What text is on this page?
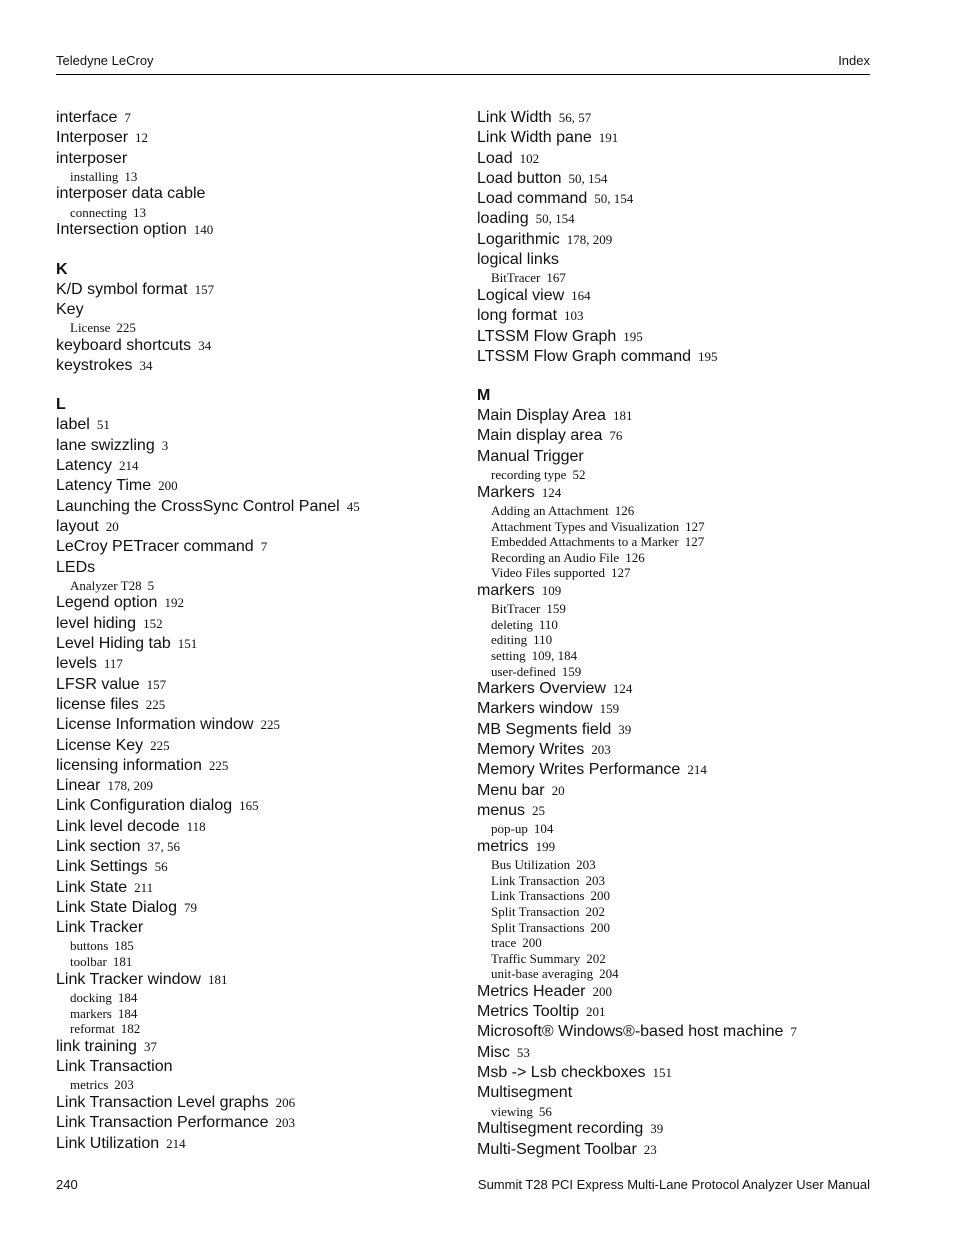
Teledyne LeCroy	Index
interface 7
Interposer 12
interposer
installing 13
interposer data cable
connecting 13
Intersection option 140
K
K/D symbol format 157
Key
License 225
keyboard shortcuts 34
keystrokes 34
L
label 51
lane swizzling 3
Latency 214
Latency Time 200
Launching the CrossSync Control Panel 45
layout 20
LeCroy PETracer command 7
LEDs
Analyzer T28 5
Legend option 192
level hiding 152
Level Hiding tab 151
levels 117
LFSR value 157
license files 225
License Information window 225
License Key 225
licensing information 225
Linear 178, 209
Link Configuration dialog 165
Link level decode 118
Link section 37, 56
Link Settings 56
Link State 211
Link State Dialog 79
Link Tracker
buttons 185
toolbar 181
Link Tracker window 181
docking 184
markers 184
reformat 182
link training 37
Link Transaction
metrics 203
Link Transaction Level graphs 206
Link Transaction Performance 203
Link Utilization 214
Link Width 56, 57
Link Width pane 191
Load 102
Load button 50, 154
Load command 50, 154
loading 50, 154
Logarithmic 178, 209
logical links
BitTracer 167
Logical view 164
long format 103
LTSSM Flow Graph 195
LTSSM Flow Graph command 195
M
Main Display Area 181
Main display area 76
Manual Trigger
recording type 52
Markers 124
Adding an Attachment 126
Attachment Types and Visualization 127
Embedded Attachments to a Marker 127
Recording an Audio File 126
Video Files supported 127
markers 109
BitTracer 159
deleting 110
editing 110
setting 109, 184
user-defined 159
Markers Overview 124
Markers window 159
MB Segments field 39
Memory Writes 203
Memory Writes Performance 214
Menu bar 20
menus 25
pop-up 104
metrics 199
Bus Utilization 203
Link Transaction 203
Link Transactions 200
Split Transaction 202
Split Transactions 200
trace 200
Traffic Summary 202
unit-base averaging 204
Metrics Header 200
Metrics Tooltip 201
Microsoft® Windows®-based host machine 7
Misc 53
Msb -> Lsb checkboxes 151
Multisegment
viewing 56
Multisegment recording 39
Multi-Segment Toolbar 23
240	Summit T28 PCI Express Multi-Lane Protocol Analyzer User Manual
